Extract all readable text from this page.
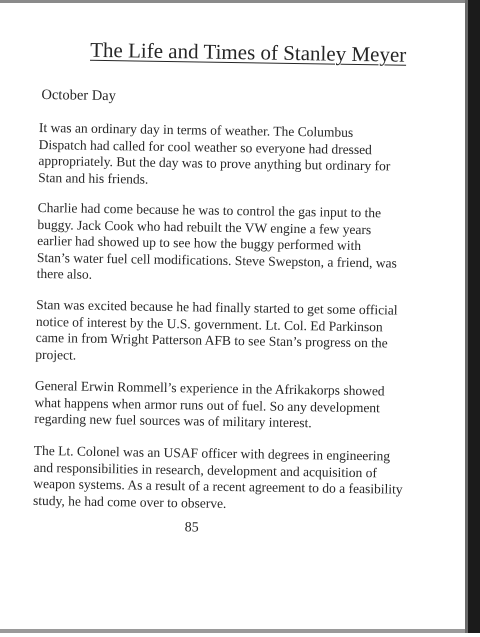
The Life and Times of Stanley Meyer

October Day

It was an ordinary day in terms of weather. The Columbus
Dispatch had called for cool weather so everyone had dressed
appropriately. But the day was to prove anything but ordinary for
Stan and his friends.

Charlie had come because he was to control the gas input to the
buggy. Jack Cook who had rebuilt the VW engine a few years
earlier had showed up to see how the buggy performed with
Stan’s water fuel cell modifications. Steve Swepston, a friend, was
there also.

Stan was excited because he had finally started to get some official
notice of interest by the U.S. government. Lt. Col. Ed Parkinson
came in from Wright Patterson AFB to see Stan’s progress on the
project.

General Erwin Rommell’s experience in the Afrikakorps showed
what happens when armor runs out of fuel. So any development
regarding new fuel sources was of military interest.

The Lt. Colonel was an USAF officer with degrees in engineering
and responsibilities in research, development and acquisition of
weapon systems. As a result of a recent agreement to do a feasibility
study, he had come over to observe.

85
